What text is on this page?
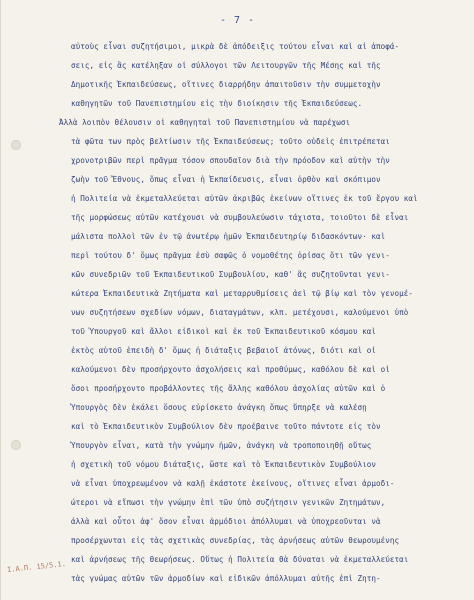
- 7 -
αὐτοὺς εἶναι συζητήσιμοι, μικρὰ δὲ ἀπόδειξις τούτου εἶναι καὶ αἱ ἀποφά-
σεις, εἰς ἃς κατέληξαν οἱ σύλλογοι τῶν Λειτουργῶν τῆς Μέσης καὶ τῆς
Δημοτικῆς Ἐκπαιδεύσεως, οἵτινες διαρρήδην ἀπαιτοῦσιν τὴν συμμετοχὴν
καθηγητῶν τοῦ Πανεπιστημίου εἰς τὴν διοίκησιν τῆς Ἐκπαιδεύσεως.
Ἀλλὰ λοιπὸν θέλουσιν οἱ καθηγηταὶ τοῦ Πανεπιστημίου νὰ παρέχωσι
τὰ φῶτα των πρὸς βελτίωσιν τῆς Ἐκπαιδεύσεως; τοῦτο οὐδεὶς ἐπιτρέπεται
χρονοτριβῶν περὶ πρᾶγμα τόσον σπουδαῖον διὰ τὴν πρόοδον καὶ αὐτὴν τὴν
ζωὴν τοῦ Ἔθνους, ὅπως εἶναι ἡ Ἐκπαίδευσις, εἶναι ὀρθὸν καὶ σκόπιμον
ἡ Πολιτεία νὰ ἐκμεταλλεύεται αὐτῶν ἀκριβῶς ἐκείνων οἵτινες ἐκ τοῦ ἔργου καὶ
τῆς μορφώσεως αὐτῶν κατέχουσι νὰ συμβουλεύωσιν τάχιστα, τοιοῦτοι δὲ εἶναι
μάλιστα πολλοὶ τῶν ἐν τῷ ἀνωτέρῳ ἡμῶν Ἐκπαιδευτηρίῳ διδασκόντων· καὶ
περὶ τούτου δ' ὅμως πρᾶγμα ἐσὺ σαφῶς ὁ νομοθέτης ὁρίσας ὅτι τῶν γενι-
κῶν συνεδριῶν τοῦ Ἐκπαιδευτικοῦ Συμβουλίου, καθ' ἃς συζητοῦνται γενι-
κώτερα Ἐκπαιδευτικὰ Ζητήματα καὶ μεταρρυθμίσεις ἀεὶ τῷ βίῳ καὶ τὸν γενομέ-
νων συζητήσεων σχεδίων νόμων, διαταγμάτων, κλπ. μετέχουσι, καλούμενοι ὑπὸ
τοῦ Ὑπουργοῦ καὶ ἄλλοι εἰδικοὶ καὶ ἐκ τοῦ Ἐκπαιδευτικοῦ κόσμου καὶ
ἐκτὸς αὐτοῦ ἐπειδὴ δ' ὅμως ἡ διάταξις βεβαιοῖ ἀτόνως, διότι καὶ οἱ
καλούμενοι δὲν προσήρχοντο ἀσχολήσεις καὶ προθύμως, καθόλου δὲ καὶ οἱ
ὅσοι προσήρχοντο προβάλλοντες τῆς ἄλλης καθόλου ἀσχολίας αὐτῶν καὶ ὁ
Ὑπουργὸς δὲν ἐκάλει ὅσους εὐρίσκετο ἀνάγκη ὅπως ὕπηρξε νὰ καλέσῃ
καὶ τὸ Ἐκπαιδευτικὸν Συμβούλιον δὲν προέβαινε τοῦτο πάντοτε εἰς τὸν
Ὑπουργὸν εἶναι, κατὰ τὴν γνώμην ἡμῶν, ἀνάγκη νὰ τροποποιηθῇ οὕτως
ἡ σχετικὴ τοῦ νόμου διάταξις, ὥστε καὶ τὸ Ἐκπαιδευτικὸν Συμβούλιον
νὰ εἶναι ὑποχρεωμένον νὰ καλῇ ἑκάστοτε ἐκείνους, οἵτινες εἶναι ἁρμοδι-
ώτεροι νὰ εἴπωσι τὴν γνώμην ἐπὶ τῶν ὑπὸ συζήτησιν γενικῶν Ζητημάτων,
ἀλλὰ καὶ οὗτοι ἀφ' ὅσον εἶναι ἀρμόδιοι ἀπόλλυμαι νὰ ὑποχρεοῦνται νὰ
προσέρχωνται εἰς τὰς σχετικὰς συνεδρίας, τὰς ἀρνήσεως αὐτῶν θεωρουμένης
καὶ ἀρνήσεως τῆς θεωρήσεως. Οὕτως ἡ Πολιτεία θὰ δύναται νὰ ἐκμεταλλεύεται
τὰς γνώμας αὐτῶν τῶν ἁρμοδίων καὶ εἰδικῶν ἀπόλλυμαι αὐτῆς ἐπὶ Ζητη-
Ι.Α.Π. 15/5.1.
